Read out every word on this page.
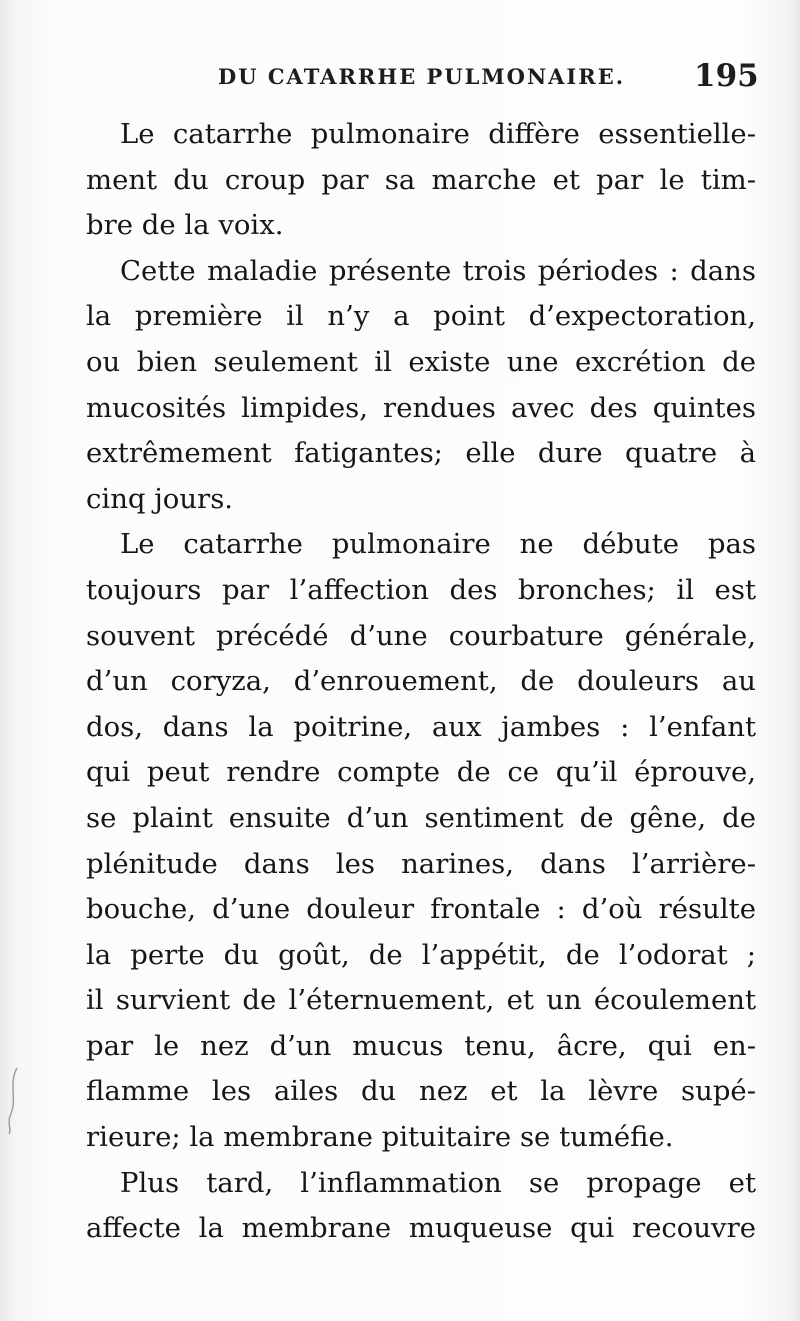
DU CATARRHE PULMONAIRE. 195
Le catarrhe pulmonaire diffère essentielle-
ment du croup par sa marche et par le tim-
bre de la voix.
Cette maladie présente trois périodes : dans
la première il n’y a point d’expectoration,
ou bien seulement il existe une excrétion de
mucosités limpides, rendues avec des quintes
extrêmement fatigantes; elle dure quatre à
cinq jours.
Le catarrhe pulmonaire ne débute pas
toujours par l’affection des bronches; il est
souvent précédé d’une courbature générale,
d’un coryza, d’enrouement, de douleurs au
dos, dans la poitrine, aux jambes : l’enfant
qui peut rendre compte de ce qu’il éprouve,
se plaint ensuite d’un sentiment de gêne, de
plénitude dans les narines, dans l’arrière-
bouche, d’une douleur frontale : d’où résulte
la perte du goût, de l’appétit, de l’odorat ;
il survient de l’éternuement, et un écoulement
par le nez d’un mucus tenu, âcre, qui en-
flamme les ailes du nez et la lèvre supé-
rieure; la membrane pituitaire se tuméfie.
Plus tard, l’inflammation se propage et
affecte la membrane muqueuse qui recouvre
